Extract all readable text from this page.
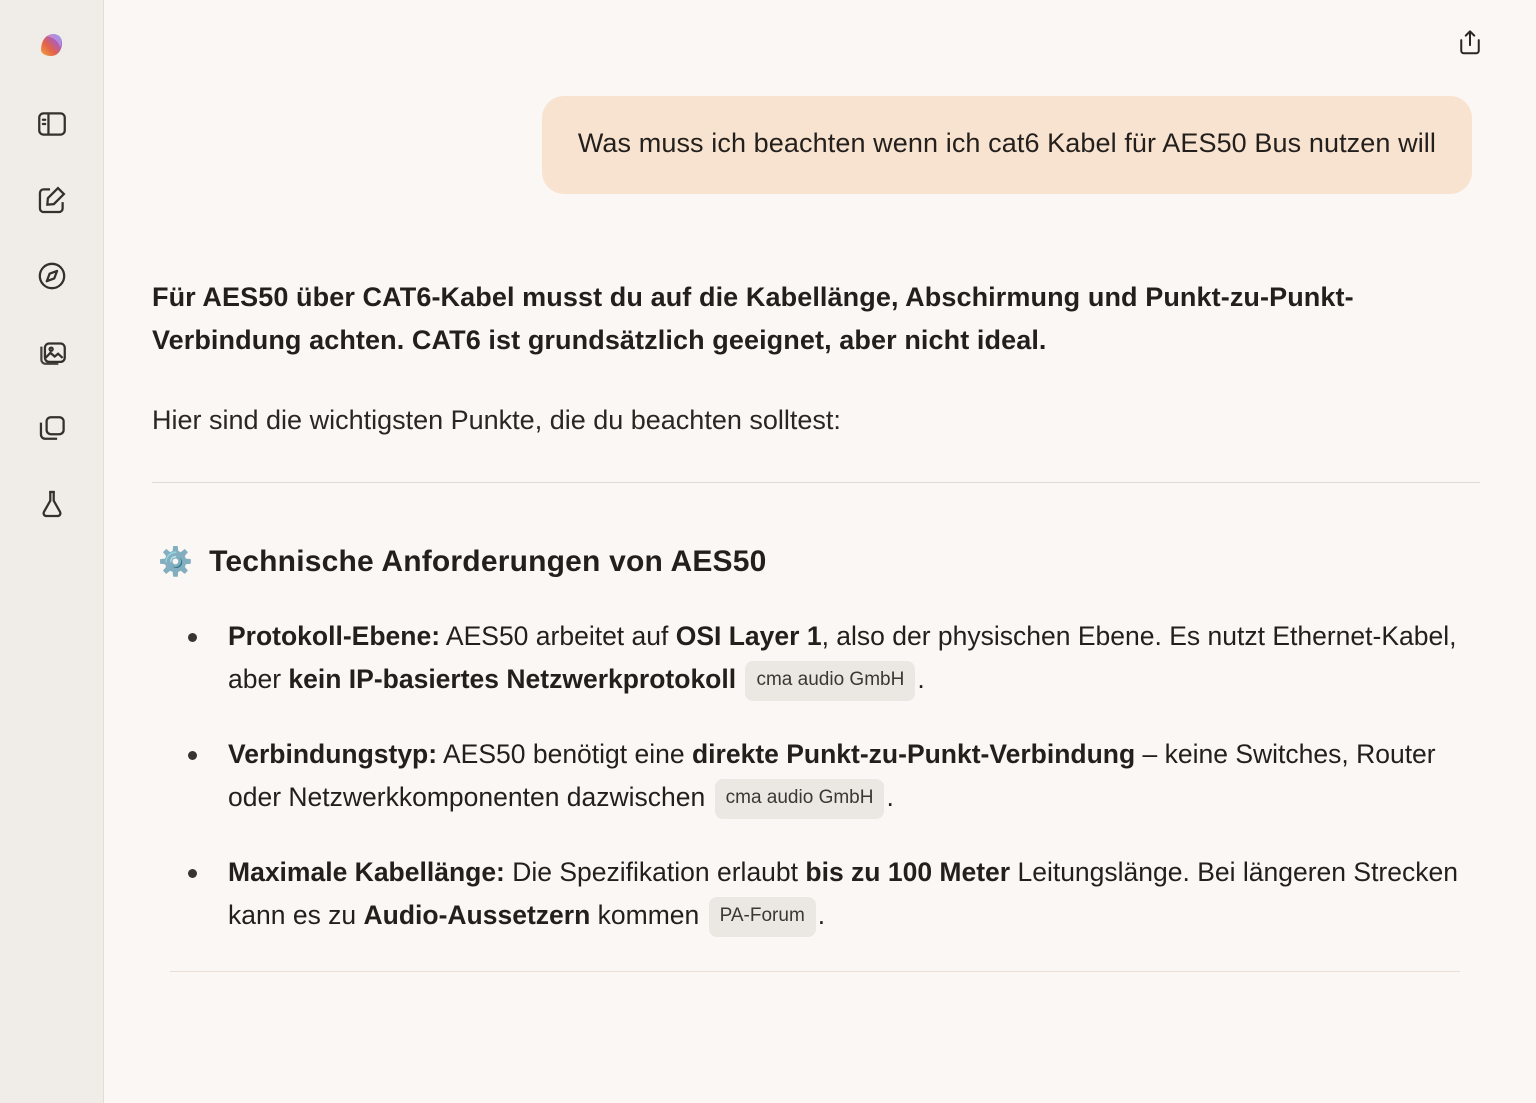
Was muss ich beachten wenn ich cat6 Kabel für AES50 Bus nutzen will

Für AES50 über CAT6-Kabel musst du auf die Kabellänge, Abschirmung und Punkt-zu-Punkt-Verbindung achten. CAT6 ist grundsätzlich geeignet, aber nicht ideal.

Hier sind die wichtigsten Punkte, die du beachten solltest:

⚙️ Technische Anforderungen von AES50
Protokoll-Ebene: AES50 arbeitet auf OSI Layer 1, also der physischen Ebene. Es nutzt Ethernet-Kabel, aber kein IP-basiertes Netzwerkprotokoll cma audio GmbH .
Verbindungstyp: AES50 benötigt eine direkte Punkt-zu-Punkt-Verbindung – keine Switches, Router oder Netzwerkkomponenten dazwischen cma audio GmbH .
Maximale Kabellänge: Die Spezifikation erlaubt bis zu 100 Meter Leitungslänge. Bei längeren Strecken kann es zu Audio-Aussetzern kommen PA-Forum .
